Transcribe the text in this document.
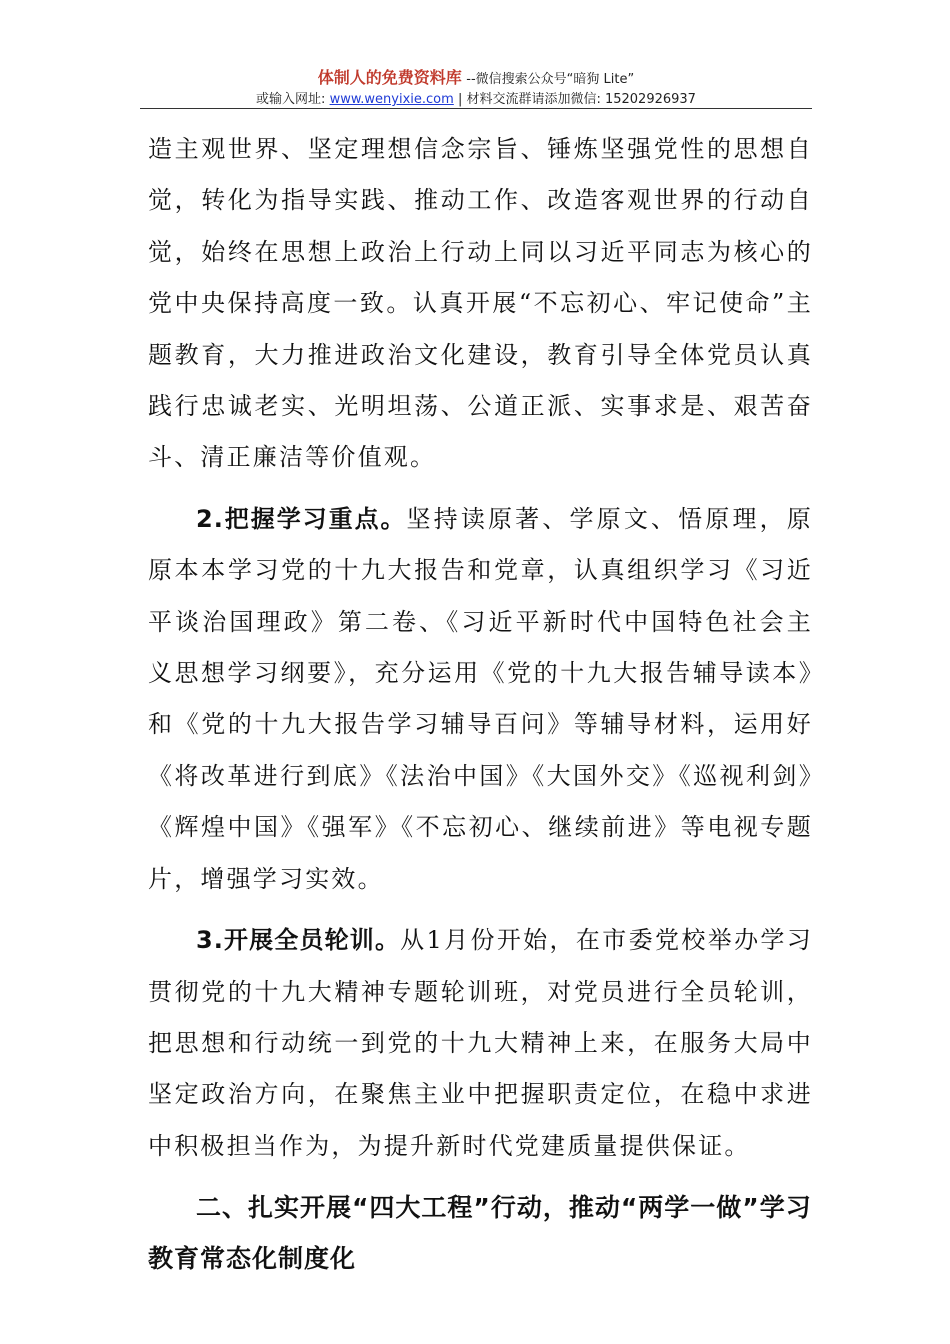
体制人的免费资料库 --微信搜索公众号“暗狗 Lite”
或输入网址: www.wenyixie.com | 材料交流群请添加微信: 15202926937

造主观世界、坚定理想信念宗旨、锤炼坚强党性的思想自觉，转化为指导实践、推动工作、改造客观世界的行动自觉，始终在思想上政治上行动上同以习近平同志为核心的党中央保持高度一致。认真开展“不忘初心、牢记使命”主题教育，大力推进政治文化建设，教育引导全体党员认真践行忠诚老实、光明坦荡、公道正派、实事求是、艰苦奋斗、清正廉洁等价值观。

2.把握学习重点。坚持读原著、学原文、悟原理，原原本本学习党的十九大报告和党章，认真组织学习《习近平谈治国理政》第二卷、《习近平新时代中国特色社会主义思想学习纲要》，充分运用《党的十九大报告辅导读本》和《党的十九大报告学习辅导百问》等辅导材料，运用好《将改革进行到底》《法治中国》《大国外交》《巡视利剑》《辉煌中国》《强军》《不忘初心、继续前进》等电视专题片，增强学习实效。

3.开展全员轮训。从1月份开始，在市委党校举办学习贯彻党的十九大精神专题轮训班，对党员进行全员轮训，把思想和行动统一到党的十九大精神上来，在服务大局中坚定政治方向，在聚焦主业中把握职责定位，在稳中求进中积极担当作为，为提升新时代党建质量提供保证。

二、扎实开展“四大工程”行动，推动“两学一做”学习教育常态化制度化
